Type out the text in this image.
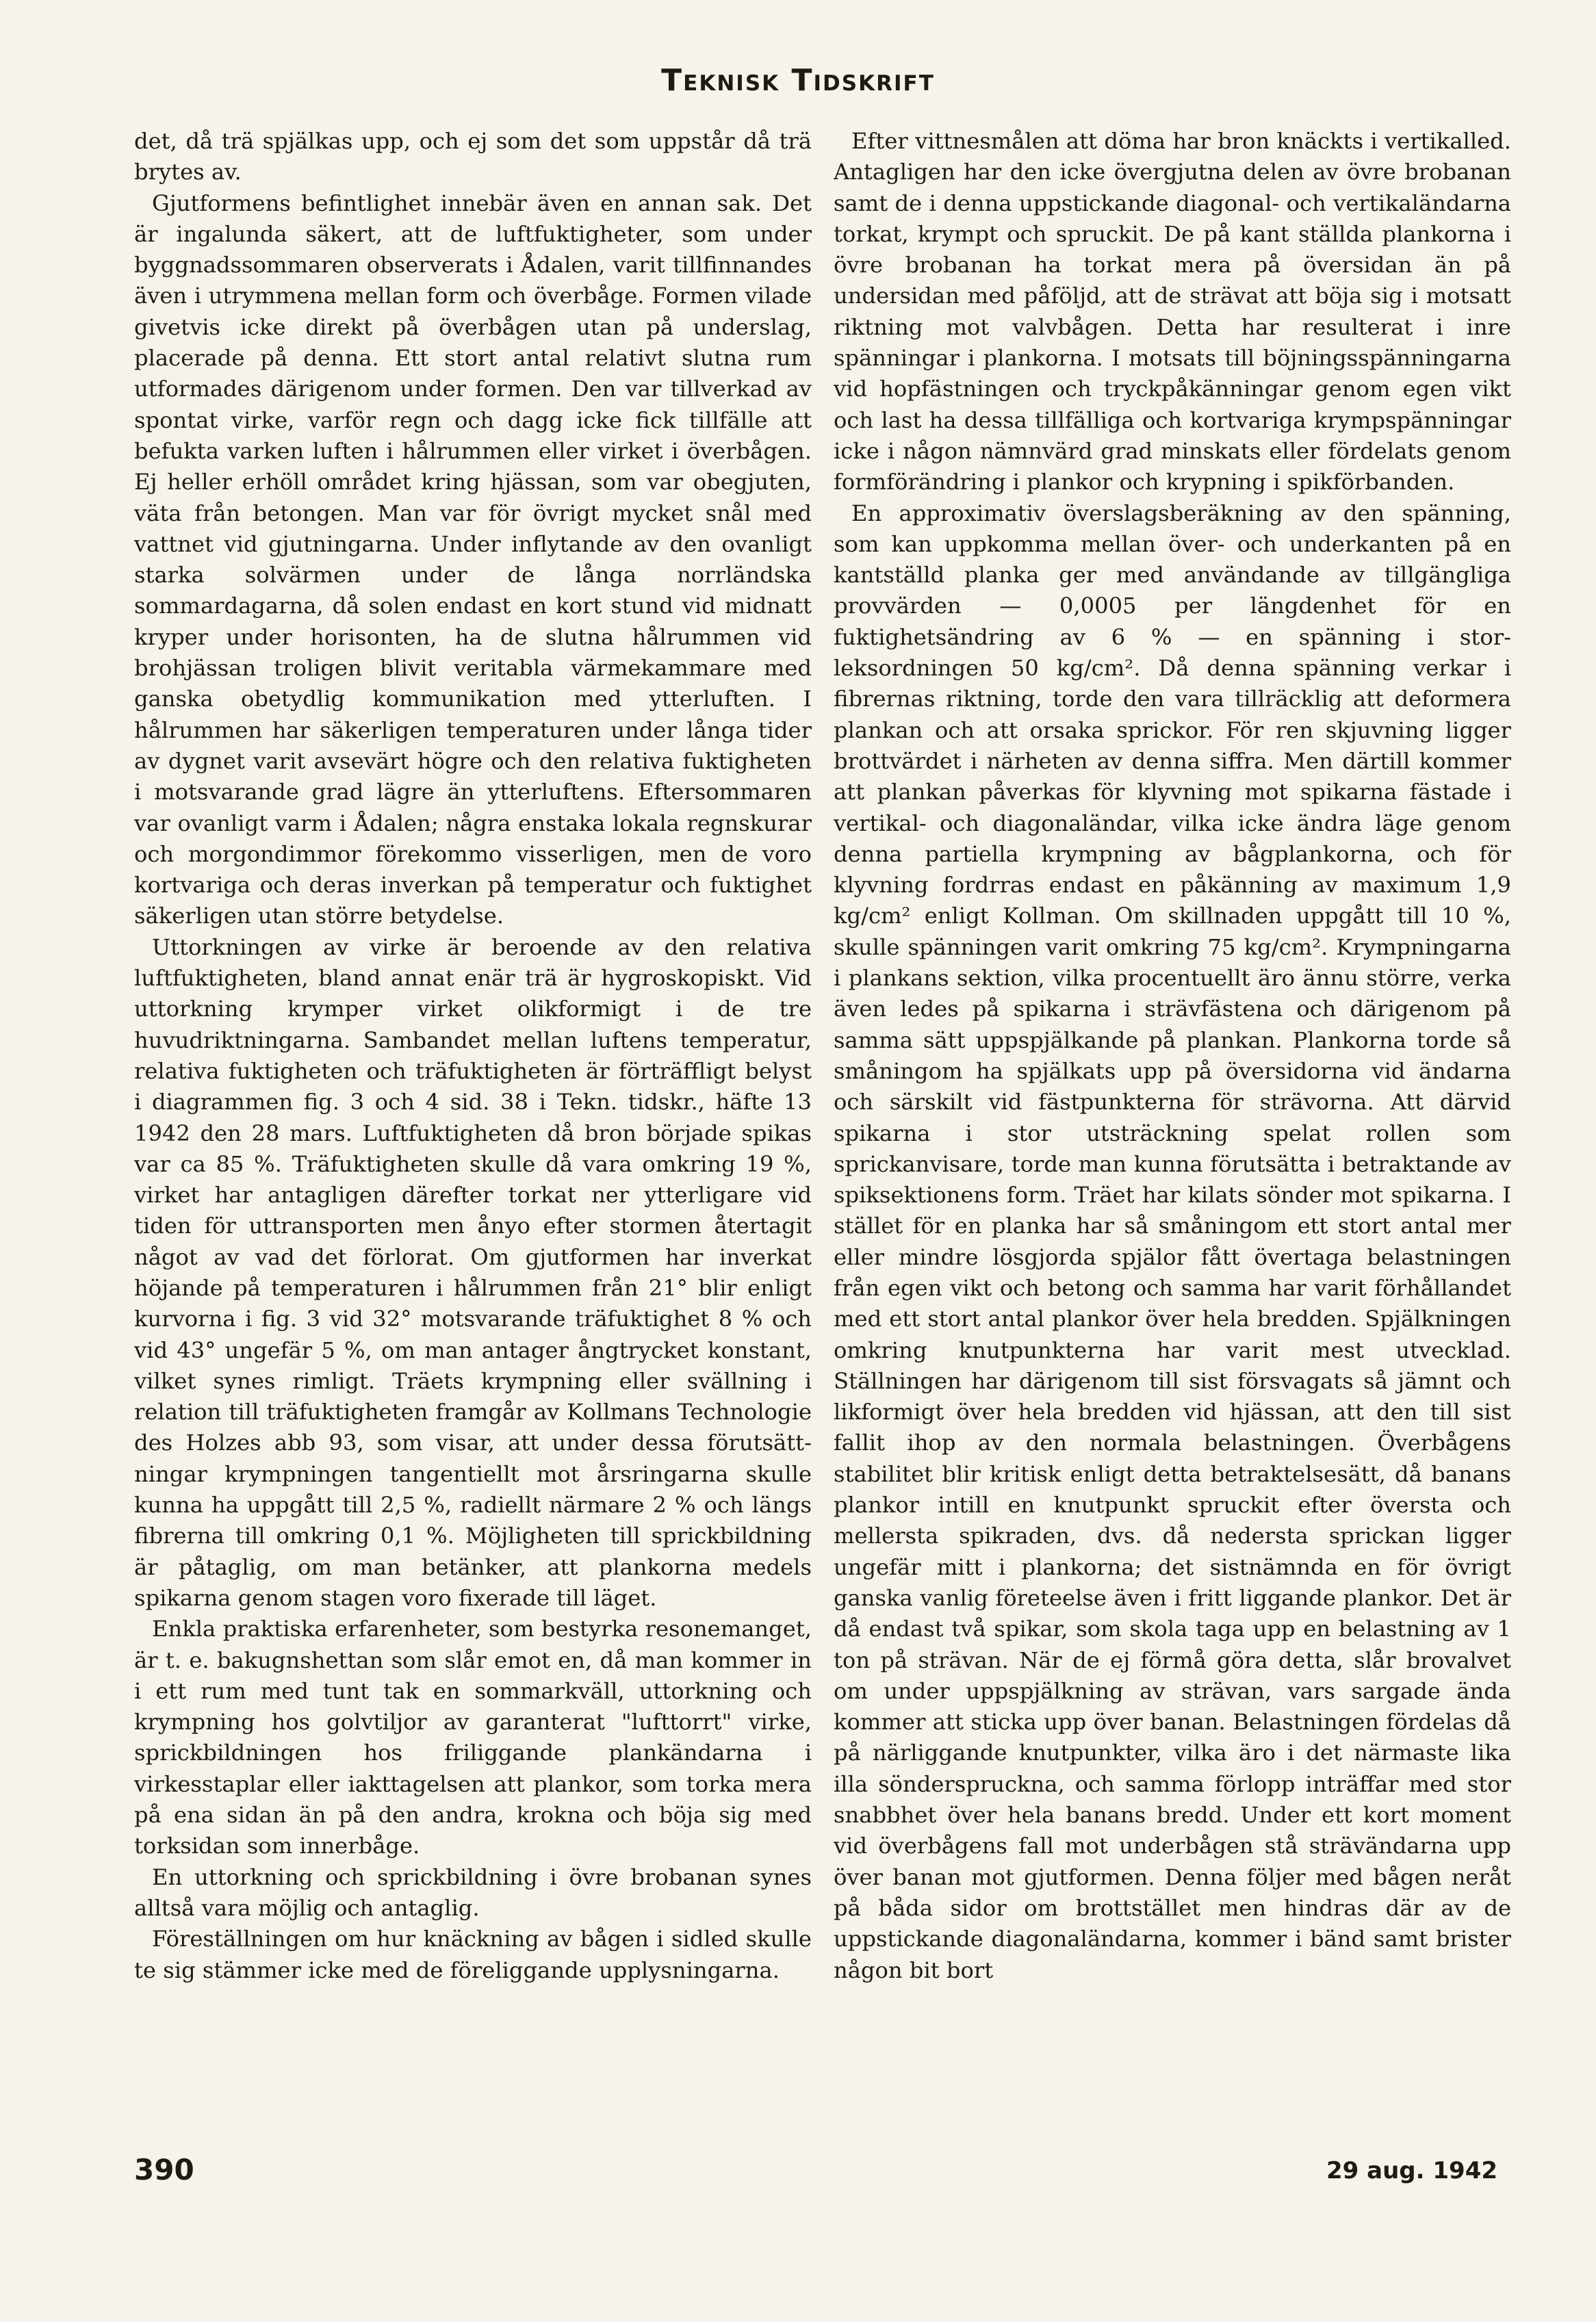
Teknisk Tidskrift

det, då trä spjälkas upp, och ej som det som uppstår då trä brytes av.

Gjutformens befintlighet innebär även en annan sak. Det är ingalunda säkert, att de luftfuktigheter, som under byggnadssommaren observerats i Ådalen, varit tillfinnandes även i utrymmena mellan form och överbåge. Formen vilade givetvis icke direkt på överbågen utan på underslag, placerade på denna. Ett stort antal relativt slutna rum utformades därigenom under formen. Den var tillverkad av spontat virke, varför regn och dagg icke fick tillfälle att befukta varken luften i hålrummen eller virket i överbågen. Ej heller erhöll området kring hjässan, som var obegjuten, väta från betongen. Man var för övrigt mycket snål med vattnet vid gjutningarna. Under inflytande av den ovanligt starka solvärmen under de långa norrländska sommardagarna, då solen endast en kort stund vid midnatt kryper under horisonten, ha de slutna hålrummen vid brohjässan troligen blivit veritabla värmekammare med ganska obetydlig kommunikation med ytterluften. I hålrummen har säkerligen temperaturen under långa tider av dygnet varit avsevärt högre och den relativa fuktigheten i motsvarande grad lägre än ytterluftens. Eftersommaren var ovanligt varm i Ådalen; några enstaka lokala regnskurar och morgondimmor förekommo visserligen, men de voro kortvariga och deras inverkan på temperatur och fuktighet säkerligen utan större betydelse.

Uttorkningen av virke är beroende av den relativa luftfuktigheten, bland annat enär trä är hygroskopiskt. Vid uttorkning krymper virket olikformigt i de tre huvudriktningarna. Sambandet mellan luftens temperatur, relativa fuktigheten och träfuktigheten är förträffligt belyst i diagrammen fig. 3 och 4 sid. 38 i Tekn. tidskr., häfte 13 1942 den 28 mars. Luftfuktigheten då bron började spikas var ca 85 %. Träfuktigheten skulle då vara omkring 19 %, virket har antagligen därefter torkat ner ytterligare vid tiden för uttransporten men ånyo efter stormen återtagit något av vad det förlorat. Om gjutformen har inverkat höjande på temperaturen i hålrummen från 21° blir enligt kurvorna i fig. 3 vid 32° motsvarande träfuktighet 8 % och vid 43° ungefär 5 %, om man antager ångtrycket konstant, vilket synes rimligt. Träets krympning eller svällning i relation till träfuktigheten framgår av Kollmans Technologie des Holzes abb 93, som visar, att under dessa förutsättningar krympningen tangentiellt mot årsringarna skulle kunna ha uppgått till 2,5 %, radiellt närmare 2 % och längs fibrerna till omkring 0,1 %. Möjligheten till sprickbildning är påtaglig, om man betänker, att plankorna medels spikarna genom stagen voro fixerade till läget.

Enkla praktiska erfarenheter, som bestyrka resonemanget, är t. e. bakugnshettan som slår emot en, då man kommer in i ett rum med tunt tak en sommarkväll, uttorkning och krympning hos golvtiljor av garanterat "lufttorrt" virke, sprickbildningen hos friliggande plankändarna i virkesstaplar eller iakttagelsen att plankor, som torka mera på ena sidan än på den andra, krokna och böja sig med torksidan som innerbåge.

En uttorkning och sprickbildning i övre brobanan synes alltså vara möjlig och antaglig.

Föreställningen om hur knäckning av bågen i sidled skulle te sig stämmer icke med de föreliggande upplysningarna.

Efter vittnesmålen att döma har bron knäckts i vertikalled. Antagligen har den icke övergjutna delen av övre brobanan samt de i denna uppstickande diagonal- och vertikaländarna torkat, krympt och spruckit. De på kant ställda plankorna i övre brobanan ha torkat mera på översidan än på undersidan med påföljd, att de strävat att böja sig i motsatt riktning mot valvbågen. Detta har resulterat i inre spänningar i plankorna. I motsats till böjningsspänningarna vid hopfästningen och tryckpåkänningar genom egen vikt och last ha dessa tillfälliga och kortvariga krympspänningar icke i någon nämnvärd grad minskats eller fördelats genom formförändring i plankor och krypning i spikförbanden.

En approximativ överslagsberäkning av den spänning, som kan uppkomma mellan över- och underkanten på en kantställd planka ger med användande av tillgängliga provvärden — 0,0005 per längdenhet för en fuktighetsändring av 6 % — en spänning i storleksordningen 50 kg/cm². Då denna spänning verkar i fibrernas riktning, torde den vara tillräcklig att deformera plankan och att orsaka sprickor. För ren skjuvning ligger brottvärdet i närheten av denna siffra. Men därtill kommer att plankan påverkas för klyvning mot spikarna fästade i vertikal- och diagonaländar, vilka icke ändra läge genom denna partiella krympning av bågplankorna, och för klyvning fordrras endast en påkänning av maximum 1,9 kg/cm² enligt Kollman. Om skillnaden uppgått till 10 %, skulle spänningen varit omkring 75 kg/cm². Krympningarna i plankans sektion, vilka procentuellt äro ännu större, verka även ledes på spikarna i strävfästena och därigenom på samma sätt uppspjälkande på plankan. Plankorna torde så småningom ha spjälkats upp på översidorna vid ändarna och särskilt vid fästpunkterna för strävorna. Att därvid spikarna i stor utsträckning spelat rollen som sprickanvisare, torde man kunna förutsätta i betraktande av spiksektionens form. Träet har kilats sönder mot spikarna. I stället för en planka har så småningom ett stort antal mer eller mindre lösgjorda spjälor fått övertaga belastningen från egen vikt och betong och samma har varit förhållandet med ett stort antal plankor över hela bredden. Spjälkningen omkring knutpunkterna har varit mest utvecklad. Ställningen har därigenom till sist försvagats så jämnt och likformigt över hela bredden vid hjässan, att den till sist fallit ihop av den normala belastningen. Överbågens stabilitet blir kritisk enligt detta betraktelsesätt, då banans plankor intill en knutpunkt spruckit efter översta och mellersta spikraden, dvs. då nedersta sprickan ligger ungefär mitt i plankorna; det sistnämnda en för övrigt ganska vanlig företeelse även i fritt liggande plankor. Det är då endast två spikar, som skola taga upp en belastning av 1 ton på strävan. När de ej förmå göra detta, slår brovalvet om under uppspjälkning av strävan, vars sargade ända kommer att sticka upp över banan. Belastningen fördelas då på närliggande knutpunkter, vilka äro i det närmaste lika illa söndersprucknа, och samma förlopp inträffar med stor snabbhet över hela banans bredd. Under ett kort moment vid överbågens fall mot underbågen stå strävändarna upp över banan mot gjutformen. Denna följer med bågen neråt på båda sidor om brottstället men hindras där av de uppstickande diagonaländarna, kommer i bänd samt brister någon bit bort

390	29 aug. 1942
